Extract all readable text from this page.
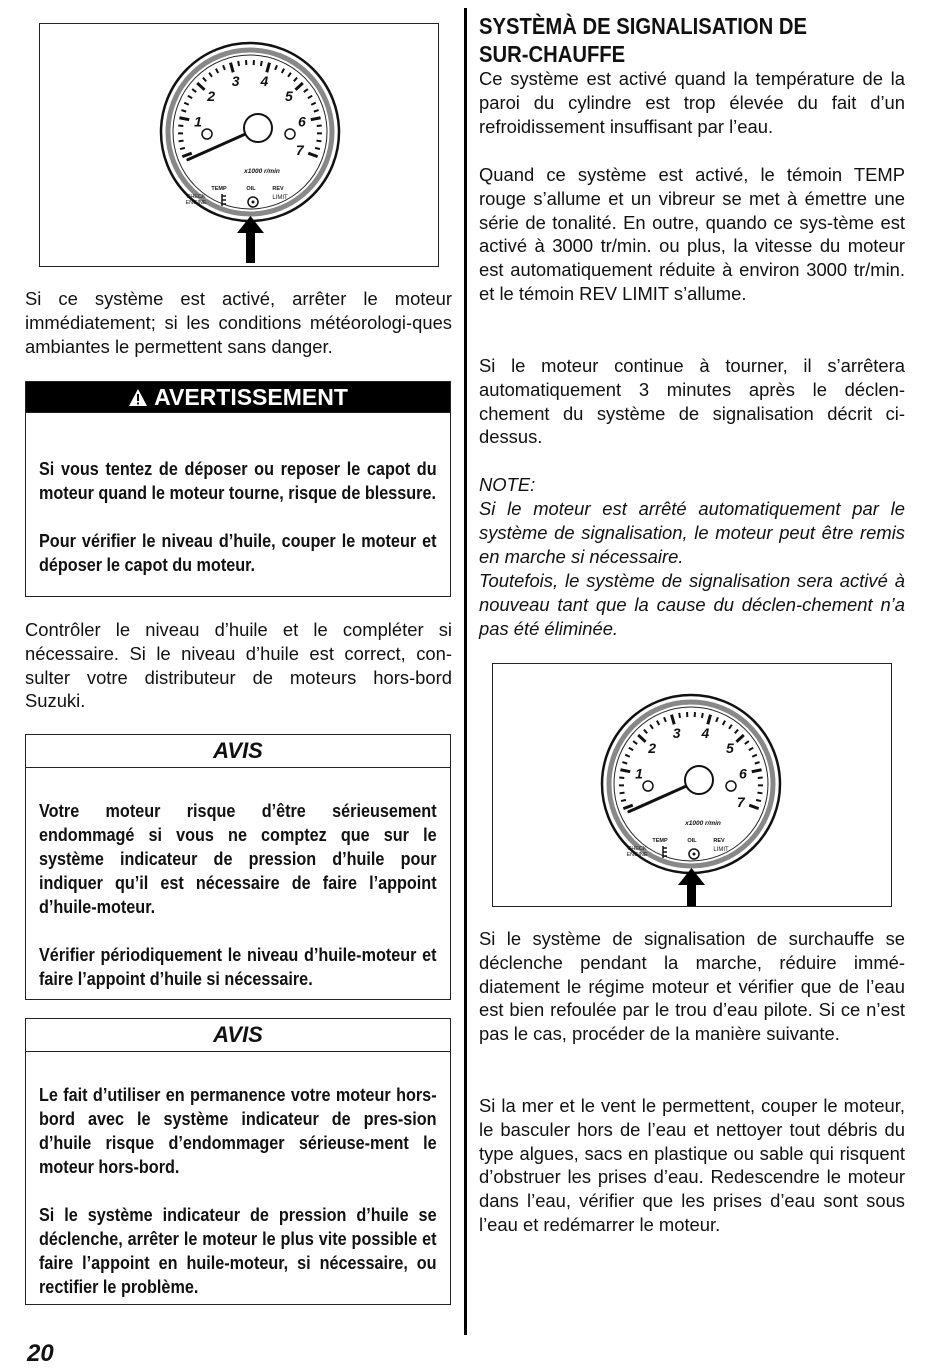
1
2
3 4
5
6
7
x1000 r/min
TEMP	OIL	REV
CHECK
ENGINE
LIMIT

Si ce système est activé, arrêter le moteur immédiatement; si les conditions météorologi-ques ambiantes le permettent sans danger.

AVERTISSEMENT

Si vous tentez de déposer ou reposer le capot du moteur quand le moteur tourne, risque de blessure.

Pour vérifier le niveau d’huile, couper le moteur et déposer le capot du moteur.

Contrôler le niveau d’huile et le compléter si nécessaire. Si le niveau d’huile est correct, con-sulter votre distributeur de moteurs hors-bord Suzuki.

AVIS

Votre moteur risque d’être sérieusement endommagé si vous ne comptez que sur le système indicateur de pression d’huile pour indiquer qu’il est nécessaire de faire l’appoint d’huile-moteur.

Vérifier périodiquement le niveau d’huile-moteur et faire l’appoint d’huile si nécessaire.

AVIS

Le fait d’utiliser en permanence votre moteur hors-bord avec le système indicateur de pres-sion d’huile risque d’endommager sérieuse-ment le moteur hors-bord.

Si le système indicateur de pression d’huile se déclenche, arrêter le moteur le plus vite possible et faire l’appoint en huile-moteur, si nécessaire, ou rectifier le problème.

SYSTÈMÀ DE SIGNALISATION DE SUR-CHAUFFE

Ce système est activé quand la température de la paroi du cylindre est trop élevée du fait d’un refroidissement insuffisant par l’eau.

Quand ce système est activé, le témoin TEMP rouge s’allume et un vibreur se met à émettre une série de tonalité. En outre, quando ce sys-tème est activé à 3000 tr/min. ou plus, la vitesse du moteur est automatiquement réduite à environ 3000 tr/min. et le témoin REV LIMIT s’allume.

Si le moteur continue à tourner, il s’arrêtera automatiquement 3 minutes après le déclen-chement du système de signalisation décrit ci-dessus.

NOTE:

Si le moteur est arrêté automatiquement par le système de signalisation, le moteur peut être remis en marche si nécessaire.

Toutefois, le système de signalisation sera activé à nouveau tant que la cause du déclen-chement n’a pas été éliminée.

Si le système de signalisation de surchauffe se déclenche pendant la marche, réduire immé-diatement le régime moteur et vérifier que de l’eau est bien refoulée par le trou d’eau pilote. Si ce n’est pas le cas, procéder de la manière suivante.

Si la mer et le vent le permettent, couper le moteur, le basculer hors de l’eau et nettoyer tout débris du type algues, sacs en plastique ou sable qui risquent d’obstruer les prises d’eau. Redescendre le moteur dans l’eau, vérifier que les prises d’eau sont sous l’eau et redémarrer le moteur.

1
2
3 4
5
6
7
x1000 r/min
TEMP	OIL	REV
CHECK
ENGINE
LIMIT
20
